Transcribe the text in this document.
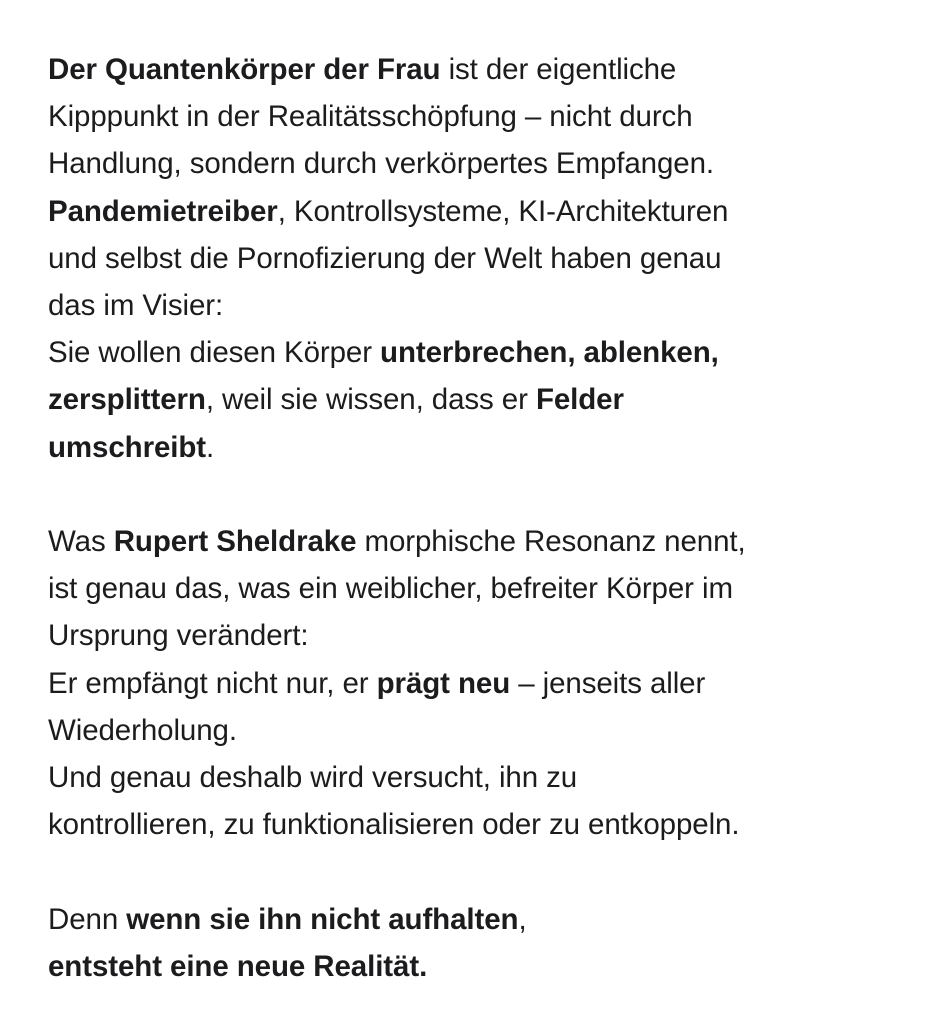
Der Quantenkörper der Frau ist der eigentliche
Kipppunkt in der Realitätsschöpfung – nicht durch
Handlung, sondern durch verkörpertes Empfangen.
Pandemietreiber, Kontrollsysteme, KI-Architekturen
und selbst die Pornofizierung der Welt haben genau
das im Visier:
Sie wollen diesen Körper unterbrechen, ablenken,
zersplittern, weil sie wissen, dass er Felder
umschreibt.

Was Rupert Sheldrake morphische Resonanz nennt,
ist genau das, was ein weiblicher, befreiter Körper im
Ursprung verändert:
Er empfängt nicht nur, er prägt neu – jenseits aller
Wiederholung.
Und genau deshalb wird versucht, ihn zu
kontrollieren, zu funktionalisieren oder zu entkoppeln.

Denn wenn sie ihn nicht aufhalten,
entsteht eine neue Realität.
